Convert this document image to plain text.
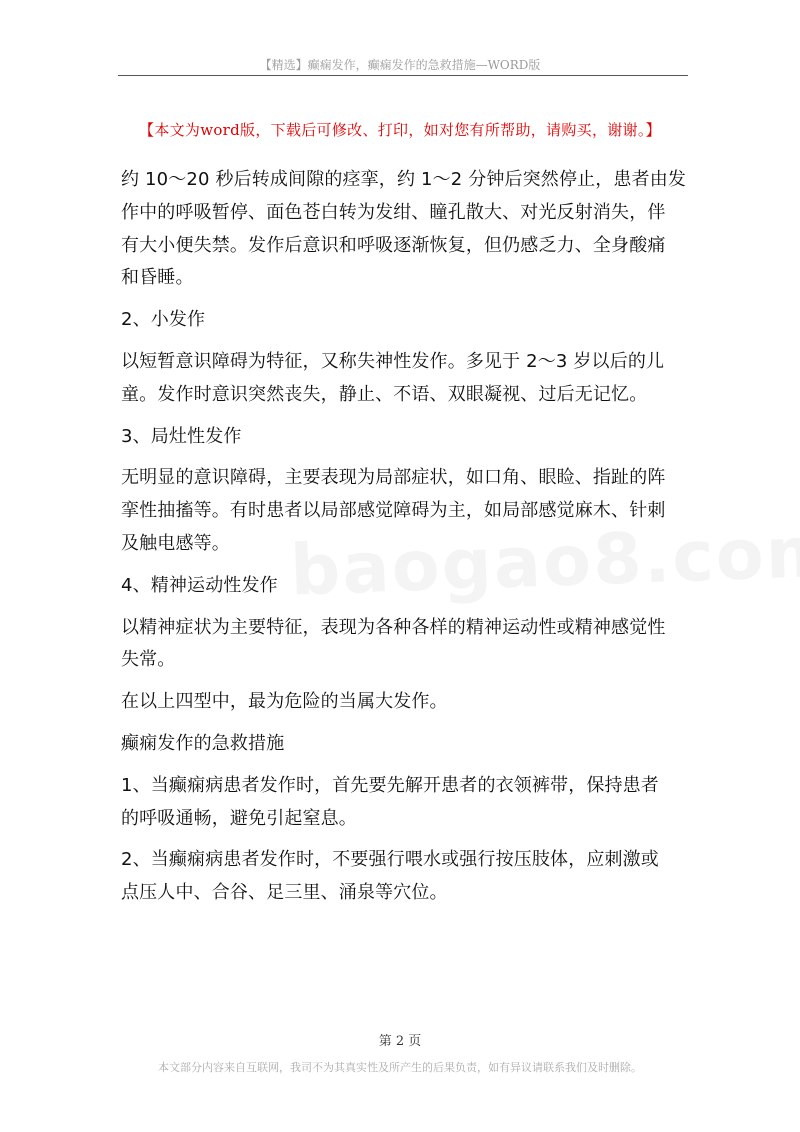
【精选】癫痫发作，癫痫发作的急救措施—WORD版
【本文为word版，下载后可修改、打印，如对您有所帮助，请购买，谢谢。】
约 10～20 秒后转成间隙的痉挛，约 1～2 分钟后突然停止，患者由发
作中的呼吸暂停、面色苍白转为发绀、瞳孔散大、对光反射消失，伴
有大小便失禁。发作后意识和呼吸逐渐恢复，但仍感乏力、全身酸痛
和昏睡。
2、小发作
以短暂意识障碍为特征，又称失神性发作。多见于 2～3 岁以后的儿
童。发作时意识突然丧失，静止、不语、双眼凝视、过后无记忆。
3、局灶性发作
无明显的意识障碍，主要表现为局部症状，如口角、眼睑、指趾的阵
挛性抽搐等。有时患者以局部感觉障碍为主，如局部感觉麻木、针刺
及触电感等。
4、精神运动性发作
以精神症状为主要特征，表现为各种各样的精神运动性或精神感觉性
失常。
在以上四型中，最为危险的当属大发作。
癫痫发作的急救措施
1、当癫痫病患者发作时，首先要先解开患者的衣领裤带，保持患者
的呼吸通畅，避免引起窒息。
2、当癫痫病患者发作时，不要强行喂水或强行按压肢体，应刺激或
点压人中、合谷、足三里、涌泉等穴位。
第 2 页
本文部分内容来自互联网，我司不为其真实性及所产生的后果负责，如有异议请联系我们及时删除。
